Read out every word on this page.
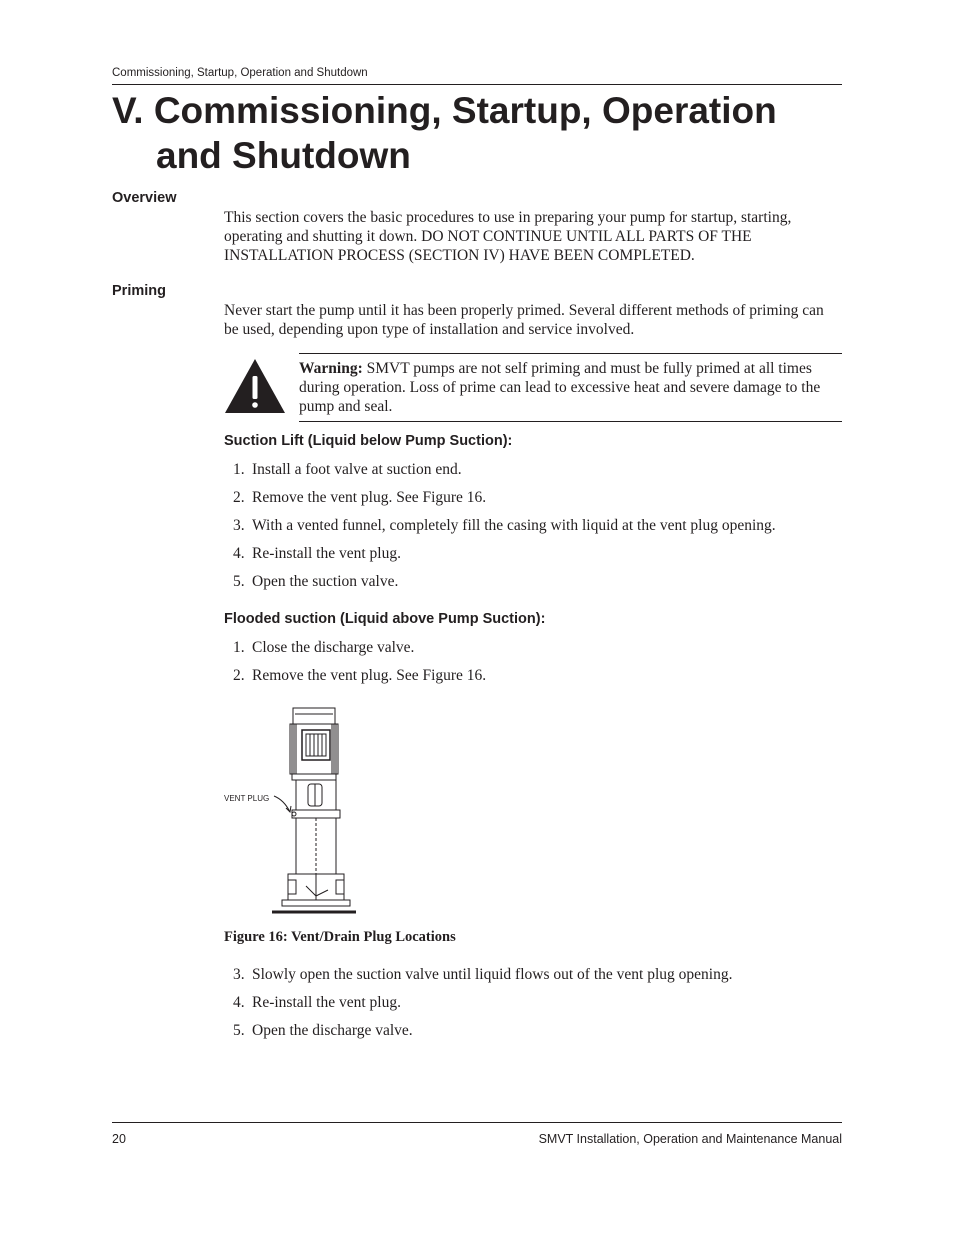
Commissioning, Startup, Operation and Shutdown
V. Commissioning, Startup, Operation
and Shutdown
Overview
This section covers the basic procedures to use in preparing your pump for startup, starting, operating and shutting it down. DO NOT CONTINUE UNTIL ALL PARTS OF THE INSTALLATION PROCESS (SECTION IV) HAVE BEEN COMPLETED.
Priming
Never start the pump until it has been properly primed. Several different methods of priming can be used, depending upon type of installation and service involved.
Warning: SMVT pumps are not self priming and must be fully primed at all times during operation. Loss of prime can lead to excessive heat and severe damage to the pump and seal.
Suction Lift (Liquid below Pump Suction):
1. Install a foot valve at suction end.
2. Remove the vent plug. See Figure 16.
3. With a vented funnel, completely fill the casing with liquid at the vent plug opening.
4. Re-install the vent plug.
5. Open the suction valve.
Flooded suction (Liquid above Pump Suction):
1. Close the discharge valve.
2. Remove the vent plug. See Figure 16.
VENT PLUG
Figure 16: Vent/Drain Plug Locations
3. Slowly open the suction valve until liquid flows out of the vent plug opening.
4. Re-install the vent plug.
5. Open the discharge valve.
20	SMVT Installation, Operation and Maintenance Manual
